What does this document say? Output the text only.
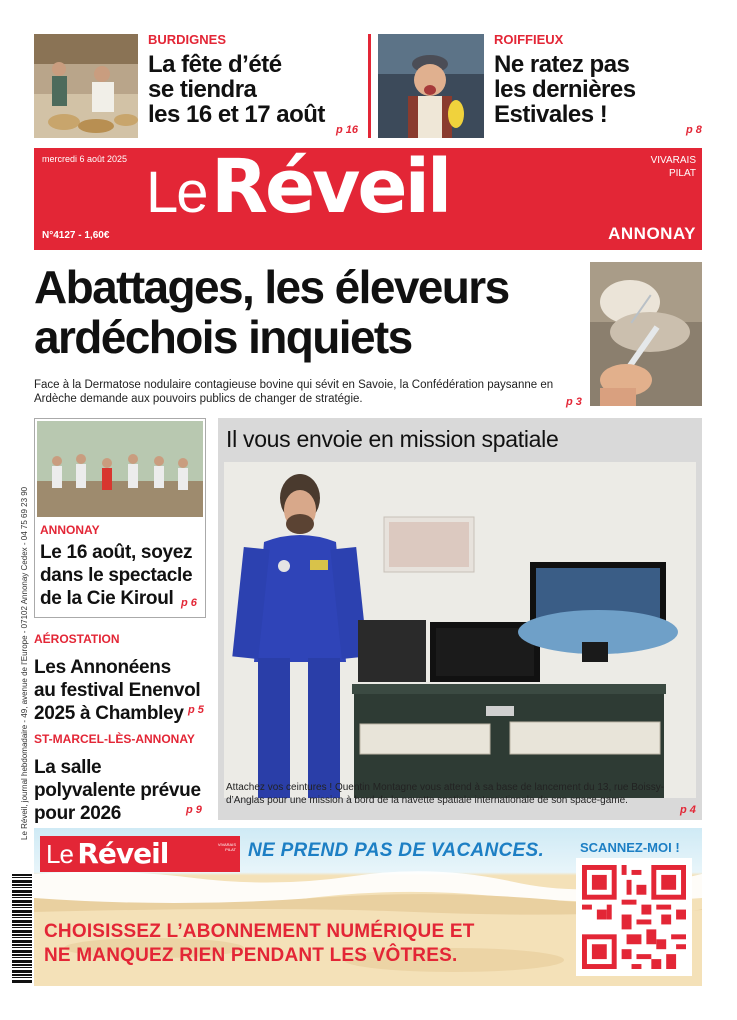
BURDIGNES
La fête d’été
se tiendra
les 16 et 17 août
p 16
ROIFFIEUX
Ne ratez pas
les dernières
Estivales !
p 8
mercredi 6 août 2025
N°4127 - 1,60€
Le Réveil	VIVARAIS
PILAT
ANNONAY
Abattages, les éleveurs
ardéchois inquiets
Face à la Dermatose nodulaire contagieuse bovine qui sévit en Savoie, la Confédération paysanne en Ardèche demande aux pouvoirs publics de changer de stratégie.	p 3
Le Réveil, journal hebdomadaire - 49, avenue de l’Europe - 07102 Annonay Cedex - 04 75 69 23 90 ANNONAY
Le 16 août, soyez
dans le spectacle
de la Cie Kiroul p 6
AÉROSTATION
Les Annonéens
au festival Enenvol
2025 à Chambley p 5
ST-MARCEL-LÈS-ANNONAY
La salle
polyvalente prévue
pour 2026	p 9
Il vous envoie en mission spatiale
Attachez vos ceintures ! Quentin Montagne vous attend à sa base de lancement du 13, rue Boissy-d’Anglas pour une mission à bord de la navette spatiale internationale de son space-game.
p 4
Le Réveil	VIVARAIS
PILAT NE PREND PAS DE VACANCES.	SCANNEZ-MOI !
CHOISISSEZ L’ABONNEMENT NUMÉRIQUE ET
NE MANQUEZ RIEN PENDANT LES VÔTRES.
